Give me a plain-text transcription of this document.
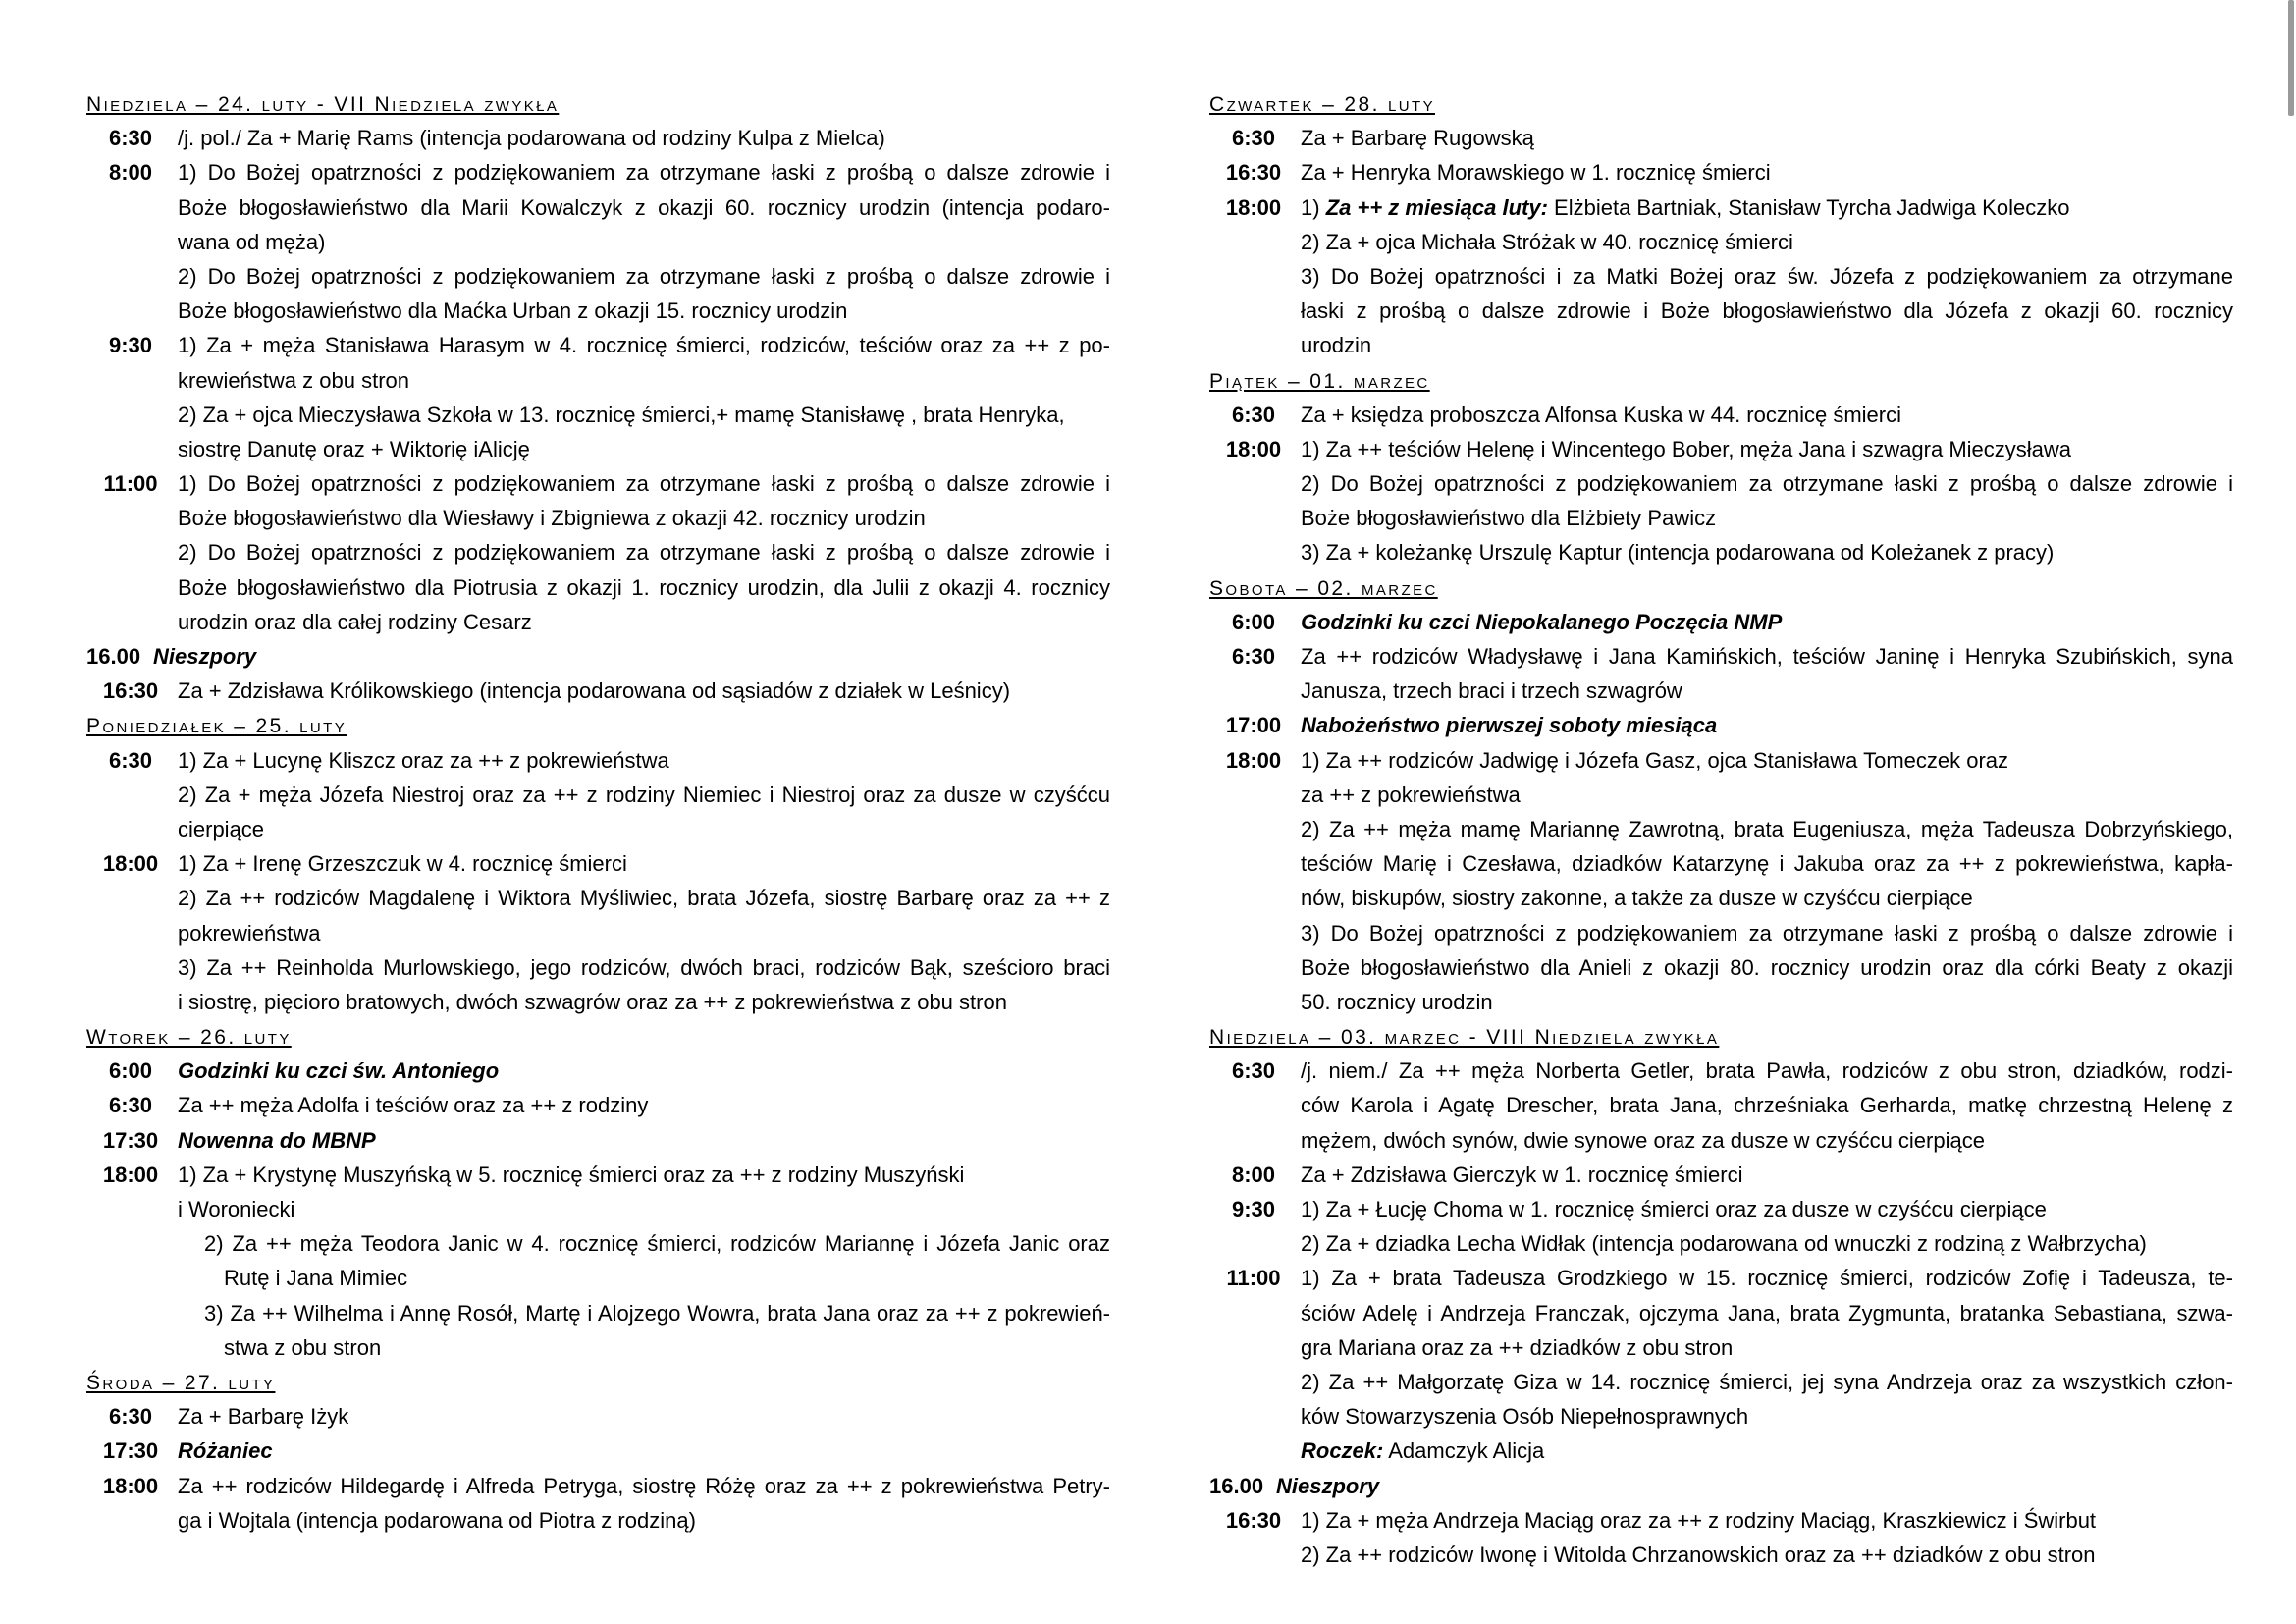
Niedziela – 24. luty - VII Niedziela zwykła
6:30	/j. pol./ Za + Marię Rams (intencja podarowana od rodziny Kulpa z Mielca)
8:00	1) Do Bożej opatrzności z podziękowaniem za otrzymane łaski z prośbą o dalsze zdrowie i
Boże błogosławieństwo dla Marii Kowalczyk z okazji 60. rocznicy urodzin (intencja podaro-
wana od męża)
2) Do Bożej opatrzności z podziękowaniem za otrzymane łaski z prośbą o dalsze zdrowie i
Boże błogosławieństwo dla Maćka Urban z okazji 15. rocznicy urodzin
9:30	1) Za + męża Stanisława Harasym w 4. rocznicę śmierci, rodziców, teściów oraz za ++ z po-
krewieństwa z obu stron
2) Za + ojca Mieczysława Szkoła w 13. rocznicę śmierci,+ mamę Stanisławę , brata Henryka,
siostrę Danutę oraz + Wiktorię iAlicję
11:00 1) Do Bożej opatrzności z podziękowaniem za otrzymane łaski z prośbą o dalsze zdrowie i
Boże błogosławieństwo dla Wiesławy i Zbigniewa z okazji 42. rocznicy urodzin
2) Do Bożej opatrzności z podziękowaniem za otrzymane łaski z prośbą o dalsze zdrowie i
Boże błogosławieństwo dla Piotrusia z okazji 1. rocznicy urodzin, dla Julii z okazji 4. rocznicy
urodzin oraz dla całej rodziny Cesarz
16.00 Nieszpory
16:30 Za + Zdzisława Królikowskiego (intencja podarowana od sąsiadów z działek w Leśnicy)
Poniedziałek – 25. luty
6:30	1) Za + Lucynę Kliszcz oraz za ++ z pokrewieństwa
2) Za + męża Józefa Niestroj oraz za ++ z rodziny Niemiec i Niestroj oraz za dusze w czyśćcu
cierpiące
18:00 1) Za + Irenę Grzeszczuk w 4. rocznicę śmierci
2) Za ++ rodziców Magdalenę i Wiktora Myśliwiec, brata Józefa, siostrę Barbarę oraz za ++ z
pokrewieństwa
3) Za ++ Reinholda Murlowskiego, jego rodziców, dwóch braci, rodziców Bąk, sześcioro braci
i siostrę, pięcioro bratowych, dwóch szwagrów oraz za ++ z pokrewieństwa z obu stron
Wtorek – 26. luty
6:00	Godzinki ku czci św. Antoniego
6:30	Za ++ męża Adolfa i teściów oraz za ++ z rodziny
17:30 Nowenna do MBNP
18:00 1) Za + Krystynę Muszyńską w 5. rocznicę śmierci oraz za ++ z rodziny Muszyński
i Woroniecki
2) Za ++ męża Teodora Janic w 4. rocznicę śmierci, rodziców Mariannę i Józefa Janic oraz
Rutę i Jana Mimiec
3) Za ++ Wilhelma i Annę Rosół, Martę i Alojzego Wowra, brata Jana oraz za ++ z pokrewień-
stwa z obu stron
Środa – 27. luty
6:30	Za + Barbarę Iżyk
17:30 Różaniec
18:00 Za ++ rodziców Hildegardę i Alfreda Petryga, siostrę Różę oraz za ++ z pokrewieństwa Petry-
ga i Wojtala (intencja podarowana od Piotra z rodziną)
Czwartek – 28. luty
6:30	Za + Barbarę Rugowską
16:30 Za + Henryka Morawskiego w 1. rocznicę śmierci
18:00 1) Za ++ z miesiąca luty: Elżbieta Bartniak, Stanisław Tyrcha Jadwiga Koleczko
2) Za + ojca Michała Stróżak w 40. rocznicę śmierci
3) Do Bożej opatrzności i za Matki Bożej oraz św. Józefa z podziękowaniem za otrzymane
łaski z prośbą o dalsze zdrowie i Boże błogosławieństwo dla Józefa z okazji 60. rocznicy
urodzin
Piątek – 01. marzec
6:30	Za + księdza proboszcza Alfonsa Kuska w 44. rocznicę śmierci
18:00 1) Za ++ teściów Helenę i Wincentego Bober, męża Jana i szwagra Mieczysława
2) Do Bożej opatrzności z podziękowaniem za otrzymane łaski z prośbą o dalsze zdrowie i
Boże błogosławieństwo dla Elżbiety Pawicz
3) Za + koleżankę Urszulę Kaptur (intencja podarowana od Koleżanek z pracy)
Sobota – 02. marzec
6:00	Godzinki ku czci Niepokalanego Poczęcia NMP
6:30	Za ++ rodziców Władysławę i Jana Kamińskich, teściów Janinę i Henryka Szubińskich, syna
Janusza, trzech braci i trzech szwagrów
17:00 Nabożeństwo pierwszej soboty miesiąca
18:00 1) Za ++ rodziców Jadwigę i Józefa Gasz, ojca Stanisława Tomeczek oraz
za ++ z pokrewieństwa
2) Za ++ męża mamę Mariannę Zawrotną, brata Eugeniusza, męża Tadeusza Dobrzyńskiego,
teściów Marię i Czesława, dziadków Katarzynę i Jakuba oraz za ++ z pokrewieństwa, kapła-
nów, biskupów, siostry zakonne, a także za dusze w czyśćcu cierpiące
3) Do Bożej opatrzności z podziękowaniem za otrzymane łaski z prośbą o dalsze zdrowie i
Boże błogosławieństwo dla Anieli z okazji 80. rocznicy urodzin oraz dla córki Beaty z okazji
50. rocznicy urodzin
Niedziela – 03. marzec - VIII Niedziela zwykła
6:30	/j. niem./ Za ++ męża Norberta Getler, brata Pawła, rodziców z obu stron, dziadków, rodzi-
ców Karola i Agatę Drescher, brata Jana, chrześniaka Gerharda, matkę chrzestną Helenę z
mężem, dwóch synów, dwie synowe oraz za dusze w czyśćcu cierpiące
8:00	Za + Zdzisława Gierczyk w 1. rocznicę śmierci
9:30	1) Za + Łucję Choma w 1. rocznicę śmierci oraz za dusze w czyśćcu cierpiące
2) Za + dziadka Lecha Widłak (intencja podarowana od wnuczki z rodziną z Wałbrzycha)
11:00 1) Za + brata Tadeusza Grodzkiego w 15. rocznicę śmierci, rodziców Zofię i Tadeusza, te-
ściów Adelę i Andrzeja Franczak, ojczyma Jana, brata Zygmunta, bratanka Sebastiana, szwa-
gra Mariana oraz za ++ dziadków z obu stron
2) Za ++ Małgorzatę Giza w 14. rocznicę śmierci, jej syna Andrzeja oraz za wszystkich człon-
ków Stowarzyszenia Osób Niepełnosprawnych
Roczek: Adamczyk Alicja
16.00 Nieszpory
16:30 1) Za + męża Andrzeja Maciąg oraz za ++ z rodziny Maciąg, Kraszkiewicz i Świrbut
2) Za ++ rodziców Iwonę i Witolda Chrzanowskich oraz za ++ dziadków z obu stron
